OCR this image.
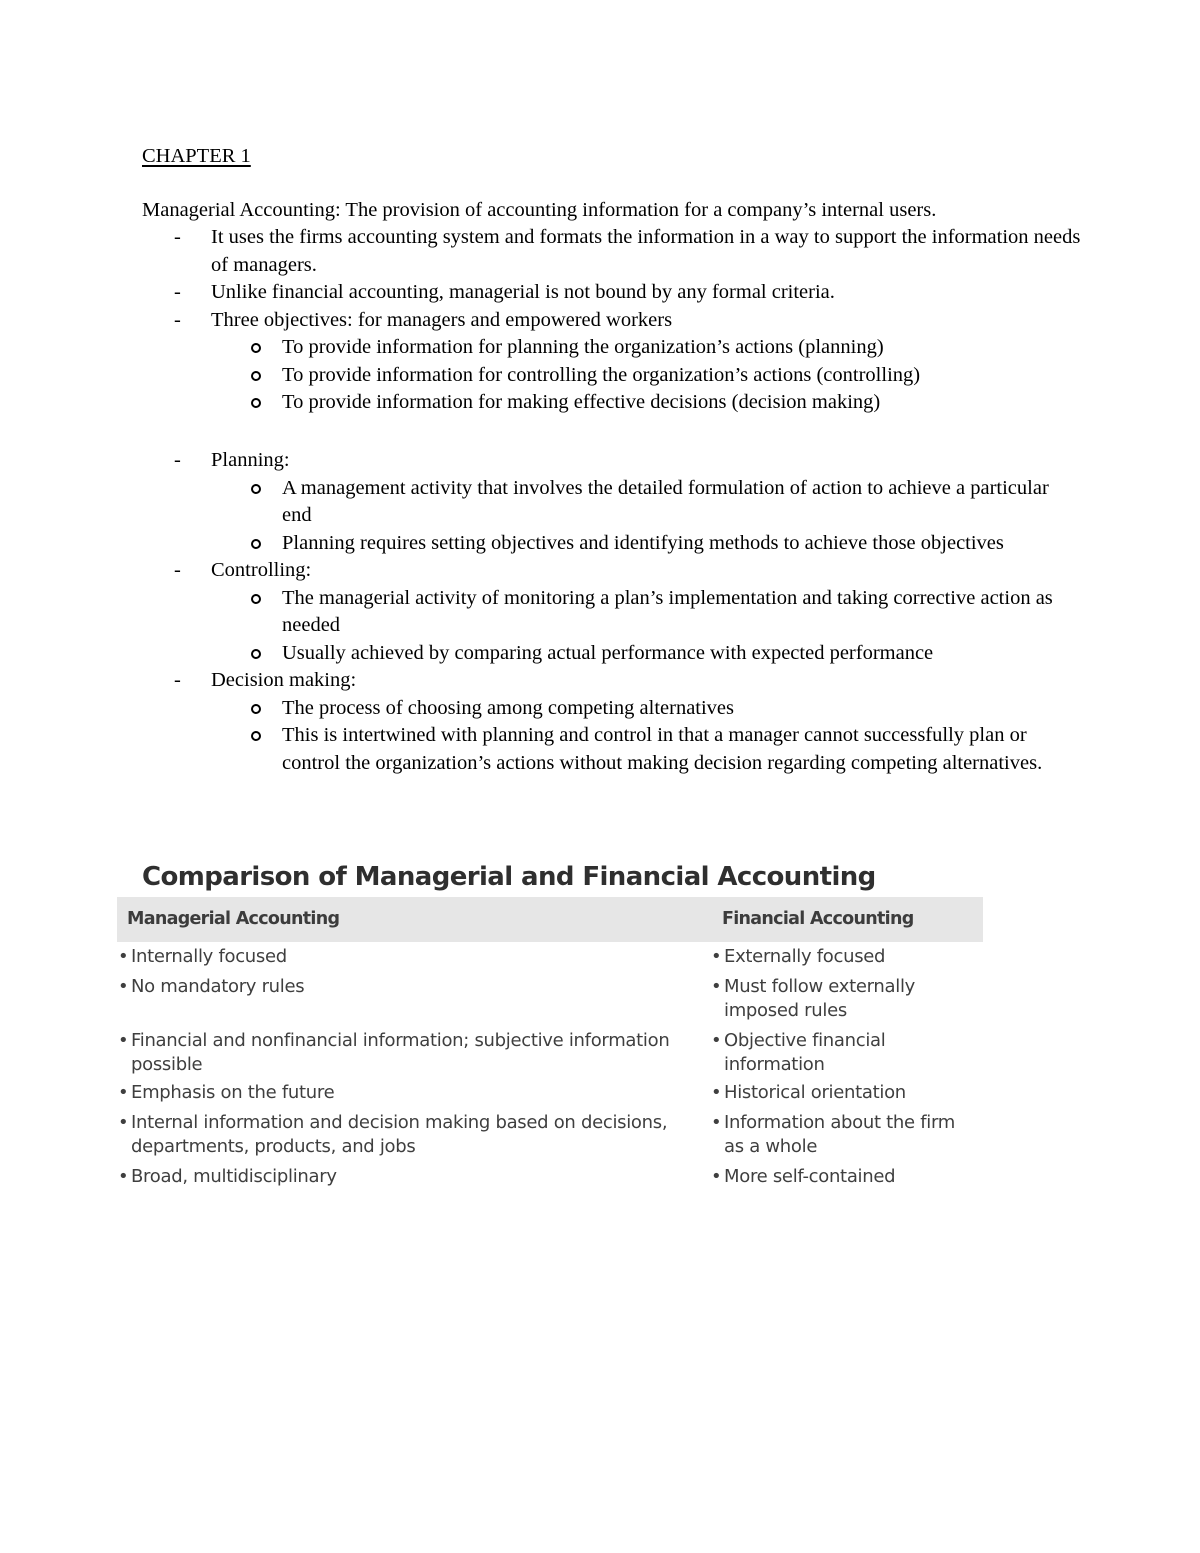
CHAPTER 1
Managerial Accounting: The provision of accounting information for a company’s internal users.
- It uses the firms accounting system and formats the information in a way to support the information needs of managers.
- Unlike financial accounting, managerial is not bound by any formal criteria.
- Three objectives: for managers and empowered workers
To provide information for planning the organization’s actions (planning)
To provide information for controlling the organization’s actions (controlling)
To provide information for making effective decisions (decision making)
- Planning:
A management activity that involves the detailed formulation of action to achieve a particular end
Planning requires setting objectives and identifying methods to achieve those objectives
- Controlling:
The managerial activity of monitoring a plan’s implementation and taking corrective action as needed
Usually achieved by comparing actual performance with expected performance
- Decision making:
The process of choosing among competing alternatives
This is intertwined with planning and control in that a manager cannot successfully plan or control the organization’s actions without making decision regarding competing alternatives.
Comparison of Managerial and Financial Accounting
Managerial Accounting	Financial Accounting
• Internally focused
• No mandatory rules
• Financial and nonfinancial information; subjective information possible
• Emphasis on the future
• Internal information and decision making based on decisions, departments, products, and jobs
• Broad, multidisciplinary
• Externally focused
• Must follow externally imposed rules
• Objective financial information
• Historical orientation
• Information about the firm as a whole
• More self-contained
